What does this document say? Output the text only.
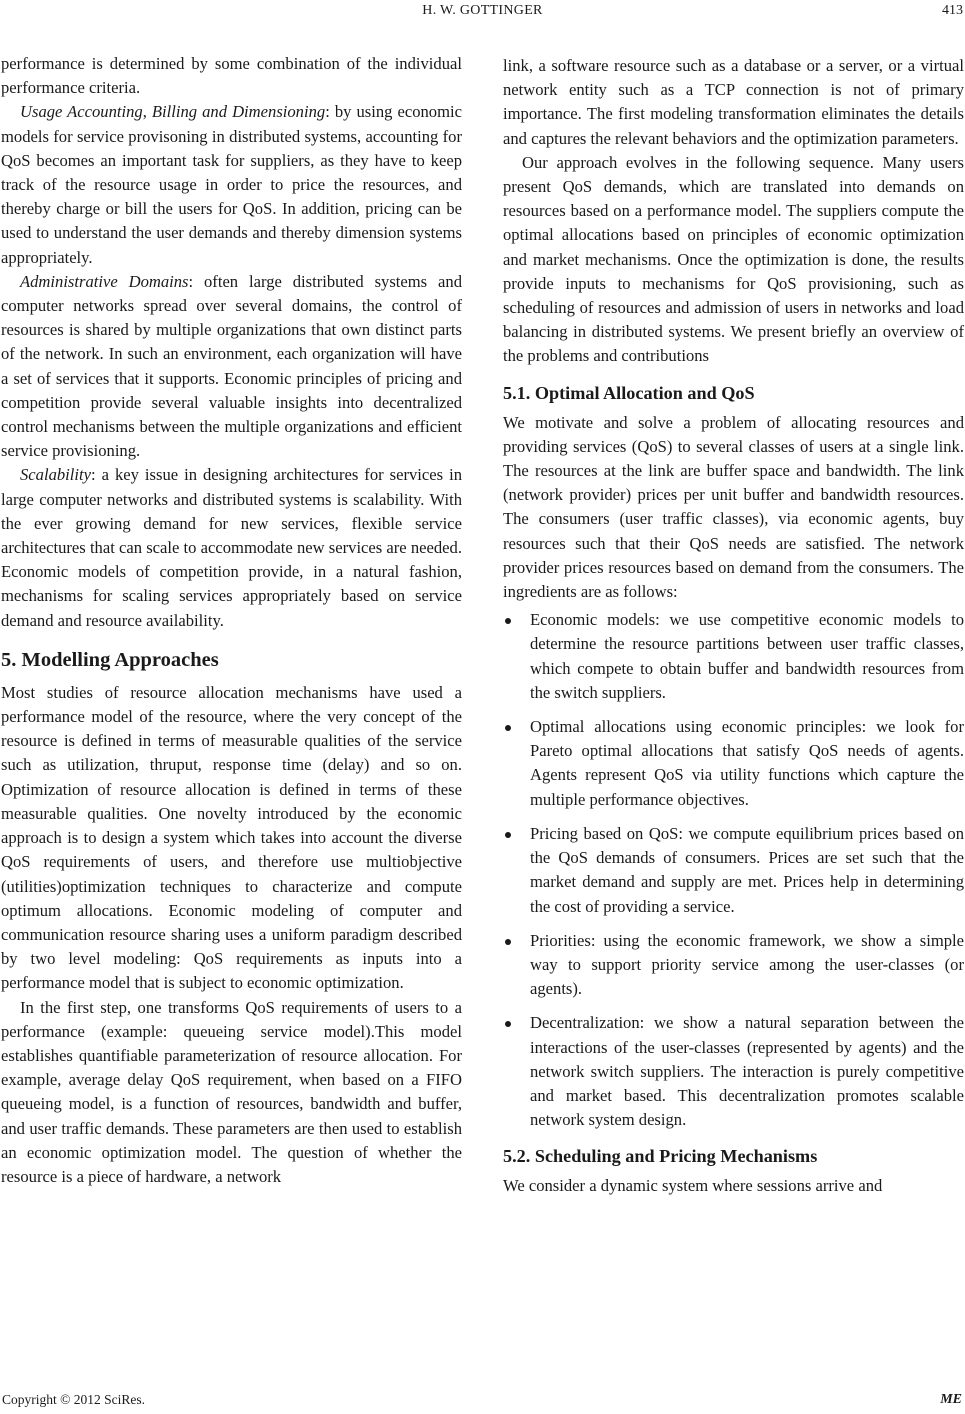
H. W. GOTTINGER	413

performance is determined by some combination of the individual performance criteria.

Usage Accounting, Billing and Dimensioning: by using economic models for service provisoning in distributed systems, accounting for QoS becomes an important task for suppliers, as they have to keep track of the resource usage in order to price the resources, and thereby charge or bill the users for QoS. In addition, pricing can be used to understand the user demands and thereby dimension systems appropriately.

Administrative Domains: often large distributed systems and computer networks spread over several domains, the control of resources is shared by multiple organizations that own distinct parts of the network. In such an environment, each organization will have a set of services that it supports. Economic principles of pricing and competition provide several valuable insights into decentralized control mechanisms between the multiple organizations and efficient service provisioning.

Scalability: a key issue in designing architectures for services in large computer networks and distributed systems is scalability. With the ever growing demand for new services, flexible service architectures that can scale to accommodate new services are needed. Economic models of competition provide, in a natural fashion, mechanisms for scaling services appropriately based on service demand and resource availability.

5. Modelling Approaches

Most studies of resource allocation mechanisms have used a performance model of the resource, where the very concept of the resource is defined in terms of measurable qualities of the service such as utilization, thruput, response time (delay) and so on. Optimization of resource allocation is defined in terms of these measurable qualities. One novelty introduced by the economic approach is to design a system which takes into account the diverse QoS requirements of users, and therefore use multiobjective (utilities)optimization techniques to characterize and compute optimum allocations. Economic modeling of computer and communication resource sharing uses a uniform paradigm described by two level modeling: QoS requirements as inputs into a performance model that is subject to economic optimization.

In the first step, one transforms QoS requirements of users to a performance (example: queueing service model).This model establishes quantifiable parameterization of resource allocation. For example, average delay QoS requirement, when based on a FIFO queueing model, is a function of resources, bandwidth and buffer, and user traffic demands. These parameters are then used to establish an economic optimization model. The question of whether the resource is a piece of hardware, a network

link, a software resource such as a database or a server, or a virtual network entity such as a TCP connection is not of primary importance. The first modeling transformation eliminates the details and captures the relevant behaviors and the optimization parameters.

Our approach evolves in the following sequence. Many users present QoS demands, which are translated into demands on resources based on a performance model. The suppliers compute the optimal allocations based on principles of economic optimization and market mechanisms. Once the optimization is done, the results provide inputs to mechanisms for QoS provisioning, such as scheduling of resources and admission of users in networks and load balancing in distributed systems. We present briefly an overview of the problems and contributions

5.1. Optimal Allocation and QoS

We motivate and solve a problem of allocating resources and providing services (QoS) to several classes of users at a single link. The resources at the link are buffer space and bandwidth. The link (network provider) prices per unit buffer and bandwidth resources. The consumers (user traffic classes), via economic agents, buy resources such that their QoS needs are satisfied. The network provider prices resources based on demand from the consumers. The ingredients are as follows:

Economic models: we use competitive economic models to determine the resource partitions between user traffic classes, which compete to obtain buffer and bandwidth resources from the switch suppliers.
Optimal allocations using economic principles: we look for Pareto optimal allocations that satisfy QoS needs of agents. Agents represent QoS via utility functions which capture the multiple performance objectives.
Pricing based on QoS: we compute equilibrium prices based on the QoS demands of consumers. Prices are set such that the market demand and supply are met. Prices help in determining the cost of providing a service.
Priorities: using the economic framework, we show a simple way to support priority service among the user-classes (or agents).
Decentralization: we show a natural separation between the interactions of the user-classes (represented by agents) and the network switch suppliers. The interaction is purely competitive and market based. This decentralization promotes scalable network system design.
5.2. Scheduling and Pricing Mechanisms

We consider a dynamic system where sessions arrive and

Copyright © 2012 SciRes.	ME
